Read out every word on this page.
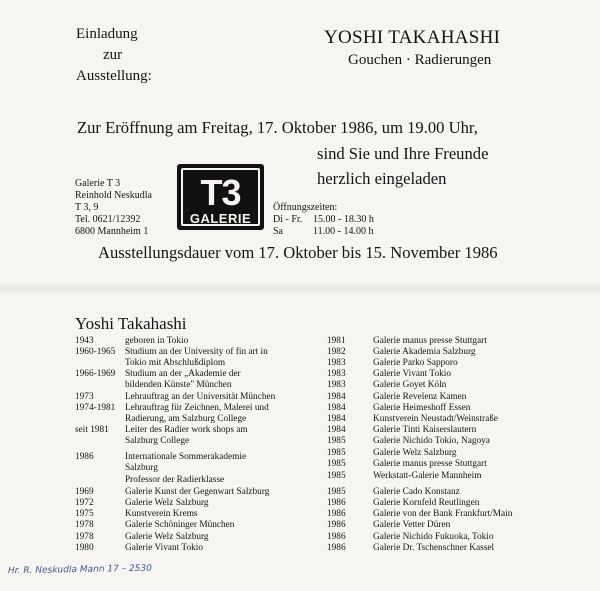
Einladung
zur
Ausstellung:
YOSHI TAKAHASHI
Gouchen · Radierungen
Zur Eröffnung am Freitag, 17. Oktober 1986, um 19.00 Uhr,
sind Sie und Ihre Freunde
herzlich eingeladen
Galerie T 3
Reinhold Neskudla
T 3, 9
Tel. 0621/12392
6800 Mannheim 1
T3
GALERIE
Öffnungszeiten:
Di - Fr. 15.00 - 18.30 h
Sa	11.00 - 14.00 h
Ausstellungsdauer vom 17. Oktober bis 15. November 1986
Yoshi Takahashi
1943	geboren in Tokio
1960-1965 Studium an der University of fin art in
Tokio mit Abschlußdiplom
1966-1969 Studium an der „Akademie der
bildenden Künste" München
1973	Lehrauftrag an der Universität München
1974-1981 Lehrauftrag für Zeichnen, Malerei und
Radierung, am Salzburg College
seit 1981 Leiter des Radier work shops am
Salzburg College
1986	Internationale Sommerakademie
Salzburg
Professor der Radierklasse
1969	Galerie Kunst der Gegenwart Salzburg
1972	Galerie Welz Salzburg
1975	Kunstverein Krems
1978	Galerie Schöninger München
1978	Galerie Welz Salzburg
1980	Galerie Vivant Tokio
1981	Galerie manus presse Stuttgart
1982	Galerie Akademia Salzburg
1983	Galerie Parko Sapporo
1983	Galerie Vivant Tokio
1983	Galerie Goyet Köln
1984	Galerie Revelenz Kamen
1984	Galerie Heimeshoff Essen
1984	Kunstverein Neustadt/Weinstraße
1984	Galerie Tinti Kaiserslautern
1985	Galerie Nichido Tokio, Nagoya
1985	Galerie Welz Salzburg
1985	Galerie manus presse Stuttgart
1985	Werkstatt-Galerie Mannheim
1985	Galerie Cado Konstanz
1986	Galerie Kornfeld Reutlingen
1986	Galerie von der Bank Frankfurt/Main
1986	Galerie Vetter Düren
1986	Galerie Nichido Fukuoka, Tokio
1986	Galerie Dr. Tschenschner Kassel
Hr. R. Neskudla Mann 17 – 2530
